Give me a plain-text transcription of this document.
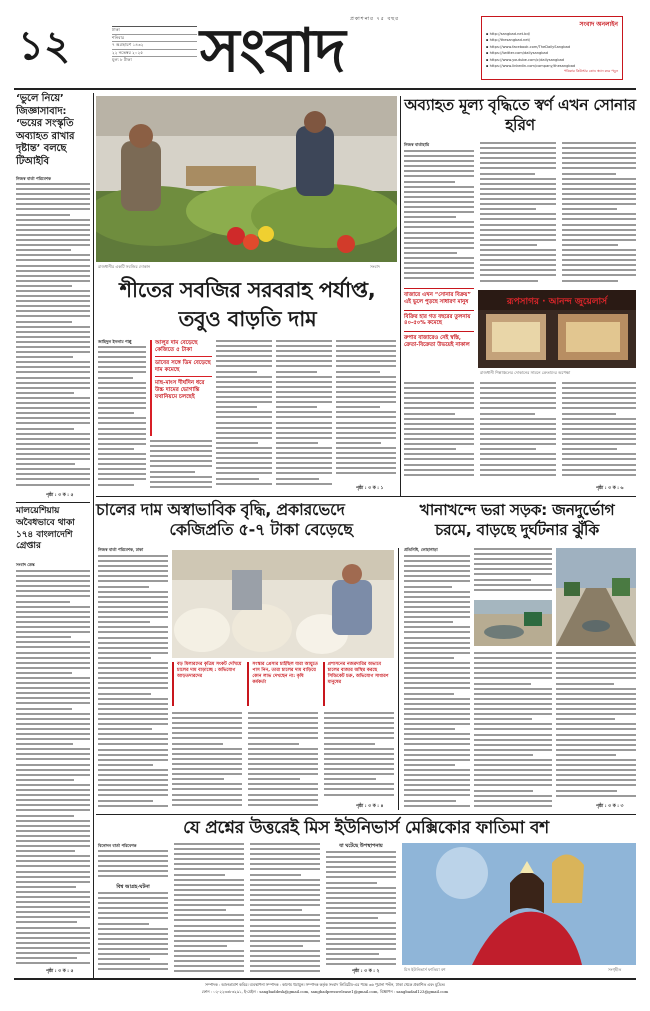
১২	ঢাকা
শনিবার
৭ অগ্রহায়ণ ১৪৩২
২২ নভেম্বর ২০২৫
মূল্য ৮ টাকা
প্রকাশনার ৭৫ বছর
সংবাদ	সংবাদ অনলাইন
▪ http://sangbad.net.bd/
▪ http://thesangbad.net/
▪ https://www.facebook.com/TheDailySangbad
▪ https://twitter.com/dailysangbad
▪ https://www.youtube.com/c/dailysangbad
▪ https://www.linkedin.com/company/thesangbad
পত্রিকার কিউআর কোড স্ক্যান করে পড়ুন
‘ভুলে নিয়ে’ জিজ্ঞাসাবাদ: ‘ভয়ের সংস্কৃতি অব্যাহত রাখার দৃষ্টান্ত’ বলছে টিআইবি
নিজস্ব বার্তা পরিবেশক
পৃষ্ঠা : ৩ ক : ৫
মালয়েশিয়ায় অবৈধভাবে থাকা ১৭৪ বাংলাদেশি গ্রেপ্তার
সংবাদ ডেস্ক
পৃষ্ঠা : ৩ ক : ৫
রাজধানীর একটি সবজির দোকান	সংবাদ
শীতের সবজির সরবরাহ পর্যাপ্ত,
তবুও বাড়তি দাম
জাহিদুল ইসলাম পাপ্পু	আলুর দাম বেড়েছে কেজিতে ৫ টাকা
ডাবের সঙ্গে ডিম বেড়েছে দাম কমেছে
মাছ-মাংস দীর্ঘদিন ধরে উচ্চ দামের ভোগান্তি যথানিয়মে চলছেই
পৃষ্ঠা : ৩ ক : ১
অব্যাহত মূল্য বৃদ্ধিতে স্বর্ণ এখন সোনার হরিণ
নিজস্ব বার্তাহারি
বাজারে এখন “সোনার বিক্রয়” এই ভুলে পুড়ছে সাধারণ মানুষ
বিক্রির হার গত বছরের তুলনায় ৪০-৫০% কমেছে
রুপার বাজারেও নেই স্বস্তি, ক্রেতা-বিক্রেতা উভয়েই নাকাল
রূপসাগর · আনন্দ জুয়েলার্স
রাজধানী শিল্পাঞ্চলের দোকানের সামনে ক্রেতাদের অপেক্ষা
পৃষ্ঠা : ৩ ক : ৬
চালের দাম অস্বাভাবিক বৃদ্ধি, প্রকারভেদে
কেজিপ্রতি ৫-৭ টাকা বেড়েছে
নিজস্ব বার্তা পরিবেশক, ঢাকা
বড় মিলারদের কৃত্রিম সংকট দেখিয়ে চালের দাম বাড়াচ্ছে : অভিযোগ আড়তদারদের
সংস্কার প্রেসার চাইছিল যারা আয়ুতে পাস নিন, তারা চালের দাম বাড়িয়ে কোন লাভ দেখছেন না: কৃষি কর্মকর্তা
প্রশাসনের নজরদারির অভাবে চালের বাজার অস্থির করছে সিন্ডিকেট চক্র, অভিযোগ সাধারণ মানুষের
পৃষ্ঠা : ৩ ক : ৪
খানাখন্দে ভরা সড়ক: জনদুর্ভোগ
চরমে, বাড়ছে দুর্ঘটনার ঝুঁকি
প্রতিনিধি, লোহাগাড়া
পৃষ্ঠা : ৩ ক : ৩
যে প্রশ্নের উত্তরেই মিস ইউনিভার্স মেক্সিকোর ফাতিমা বশ
বিনোদন বার্তা পরিবেশক
বিশ্ব আগ্রহ-ঘটনা
যা ঘটেছে উপস্থাপনায়
পৃষ্ঠা : ৩ ক : ২	মিস ইউনিভার্স ফাতিমা বশ	সংগৃহীত
সম্পাদক : আলতামাশ কবির। ব্যবস্থাপনা সম্পাদক : কাশেম হুমায়ুন। সম্পাদক কর্তৃক সংবাদ লিমিটেড-এর পক্ষে ৩৬ পুরানা পল্টন, ঢাকা থেকে প্রকাশিত এবং মুদ্রিত।
ফোন : ০২-২২৩৩৮৩২৯১, ই-মেইল : sangbaddesk@gmail.com, sangbadpressrelease1@gmail.com, বিজ্ঞাপন : sangbadad123@gmail.com
